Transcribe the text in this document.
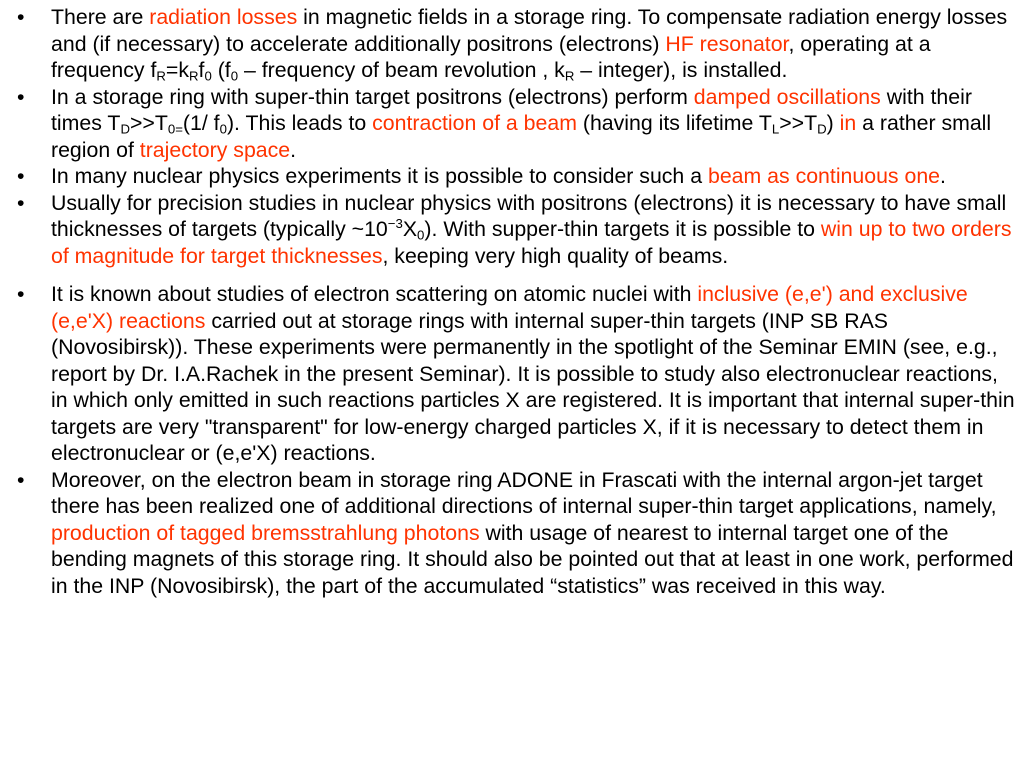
• There are radiation losses in magnetic fields in a storage ring. To compensate radiation energy losses and (if necessary) to accelerate additionally positrons (electrons) HF resonator, operating at a frequency $f_R=k_Rf_0$ ($f_0$ – frequency of beam revolution , $k_R$ – integer), is installed.
• In a storage ring with super-thin target positrons (electrons) perform damped oscillations with their times $T_D>>T_{0=}(1/$ $f_0$). This leads to contraction of a beam (having its lifetime $T_L>>T_D$) in a rather small region of trajectory space.
• In many nuclear physics experiments it is possible to consider such a beam as continuous one.
• Usually for precision studies in nuclear physics with positrons (electrons) it is necessary to have small thicknesses of targets (typically $\sim 10^{-3}X_0$). With supper-thin targets it is possible to win up to two orders of magnitude for target thicknesses, keeping very high quality of beams.
• It is known about studies of electron scattering on atomic nuclei with inclusive (e,e') and exclusive (e,e'X) reactions carried out at storage rings with internal super-thin targets (INP SB RAS (Novosibirsk)). These experiments were permanently in the spotlight of the Seminar EMIN (see, e.g., report by Dr. I.A.Rachek in the present Seminar). It is possible to study also electronuclear reactions, in which only emitted in such reactions particles X are registered. It is important that internal super-thin targets are very "transparent" for low-energy charged particles X, if it is necessary to detect them in electronuclear or (e,e'X) reactions.
• Moreover, on the electron beam in storage ring ADONE in Frascati with the internal argon-jet target there has been realized one of additional directions of internal super-thin target applications, namely, production of tagged bremsstrahlung photons with usage of nearest to internal target one of the bending magnets of this storage ring. It should also be pointed out that at least in one work, performed in the INP (Novosibirsk), the part of the accumulated “statistics” was received in this way.
